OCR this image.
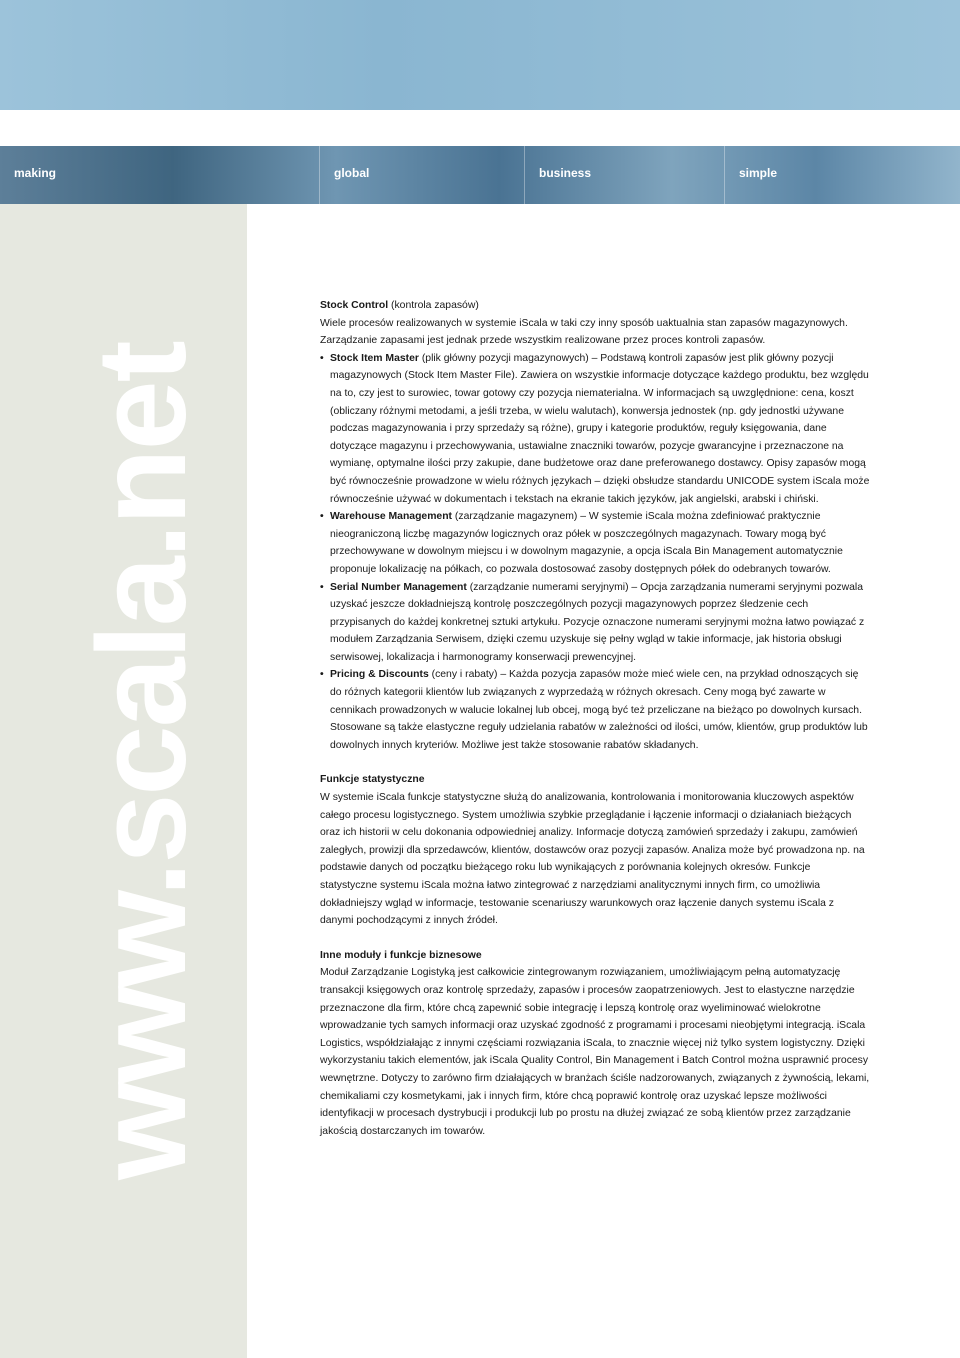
making	global	business	simple
www.scala.net

Stock Control (kontrola zapasów)

Wiele procesów realizowanych w systemie iScala w taki czy inny sposób uaktualnia stan zapasów magazynowych. Zarządzanie zapasami jest jednak przede wszystkim realizowane przez proces kontroli zapasów.

• Stock Item Master (plik główny pozycji magazynowych) – Podstawą kontroli zapasów jest plik główny pozycji magazynowych (Stock Item Master File). Zawiera on wszystkie informacje dotyczące każdego produktu, bez względu na to, czy jest to surowiec, towar gotowy czy pozycja niematerialna. W informacjach są uwzględnione: cena, koszt (obliczany różnymi metodami, a jeśli trzeba, w wielu walutach), konwersja jednostek (np. gdy jednostki używane podczas magazynowania i przy sprzedaży są różne), grupy i kategorie produktów, reguły księgowania, dane dotyczące magazynu i przechowywania, ustawialne znaczniki towarów, pozycje gwarancyjne i przeznaczone na wymianę, optymalne ilości przy zakupie, dane budżetowe oraz dane preferowanego dostawcy. Opisy zapasów mogą być równocześnie prowadzone w wielu różnych językach – dzięki obsłudze standardu UNICODE system iScala może równocześnie używać w dokumentach i tekstach na ekranie takich języków, jak angielski, arabski i chiński.
• Warehouse Management (zarządzanie magazynem) – W systemie iScala można zdefiniować praktycznie nieograniczoną liczbę magazynów logicznych oraz półek w poszczególnych magazynach. Towary mogą być przechowywane w dowolnym miejscu i w dowolnym magazynie, a opcja iScala Bin Management automatycznie proponuje lokalizację na półkach, co pozwala dostosować zasoby dostępnych półek do odebranych towarów.
• Serial Number Management (zarządzanie numerami seryjnymi) – Opcja zarządzania numerami seryjnymi pozwala uzyskać jeszcze dokładniejszą kontrolę poszczególnych pozycji magazynowych poprzez śledzenie cech przypisanych do każdej konkretnej sztuki artykułu. Pozycje oznaczone numerami seryjnymi można łatwo powiązać z modułem Zarządzania Serwisem, dzięki czemu uzyskuje się pełny wgląd w takie informacje, jak historia obsługi serwisowej, lokalizacja i harmonogramy konserwacji prewencyjnej.
• Pricing & Discounts (ceny i rabaty) – Każda pozycja zapasów może mieć wiele cen, na przykład odnoszących się do różnych kategorii klientów lub związanych z wyprzedażą w różnych okresach. Ceny mogą być zawarte w cennikach prowadzonych w walucie lokalnej lub obcej, mogą być też przeliczane na bieżąco po dowolnych kursach. Stosowane są także elastyczne reguły udzielania rabatów w zależności od ilości, umów, klientów, grup produktów lub dowolnych innych kryteriów. Możliwe jest także stosowanie rabatów składanych.

Funkcje statystyczne

W systemie iScala funkcje statystyczne służą do analizowania, kontrolowania i monitorowania kluczowych aspektów całego procesu logistycznego. System umożliwia szybkie przeglądanie i łączenie informacji o działaniach bieżących oraz ich historii w celu dokonania odpowiedniej analizy. Informacje dotyczą zamówień sprzedaży i zakupu, zamówień zaległych, prowizji dla sprzedawców, klientów, dostawców oraz pozycji zapasów. Analiza może być prowadzona np. na podstawie danych od początku bieżącego roku lub wynikających z porównania kolejnych okresów. Funkcje statystyczne systemu iScala można łatwo zintegrować z narzędziami analitycznymi innych firm, co umożliwia dokładniejszy wgląd w informacje, testowanie scenariuszy warunkowych oraz łączenie danych systemu iScala z danymi pochodzącymi z innych źródeł.

Inne moduły i funkcje biznesowe

Moduł Zarządzanie Logistyką jest całkowicie zintegrowanym rozwiązaniem, umożliwiającym pełną automatyzację transakcji księgowych oraz kontrolę sprzedaży, zapasów i procesów zaopatrzeniowych. Jest to elastyczne narzędzie przeznaczone dla firm, które chcą zapewnić sobie integrację i lepszą kontrolę oraz wyeliminować wielokrotne wprowadzanie tych samych informacji oraz uzyskać zgodność z programami i procesami nieobjętymi integracją. iScala Logistics, współdziałając z innymi częściami rozwiązania iScala, to znacznie więcej niż tylko system logistyczny. Dzięki wykorzystaniu takich elementów, jak iScala Quality Control, Bin Management i Batch Control można usprawnić procesy wewnętrzne. Dotyczy to zarówno firm działających w branżach ściśle nadzorowanych, związanych z żywnością, lekami, chemikaliami czy kosmetykami, jak i innych firm, które chcą poprawić kontrolę oraz uzyskać lepsze możliwości identyfikacji w procesach dystrybucji i produkcji lub po prostu na dłużej związać ze sobą klientów przez zarządzanie jakością dostarczanych im towarów.
